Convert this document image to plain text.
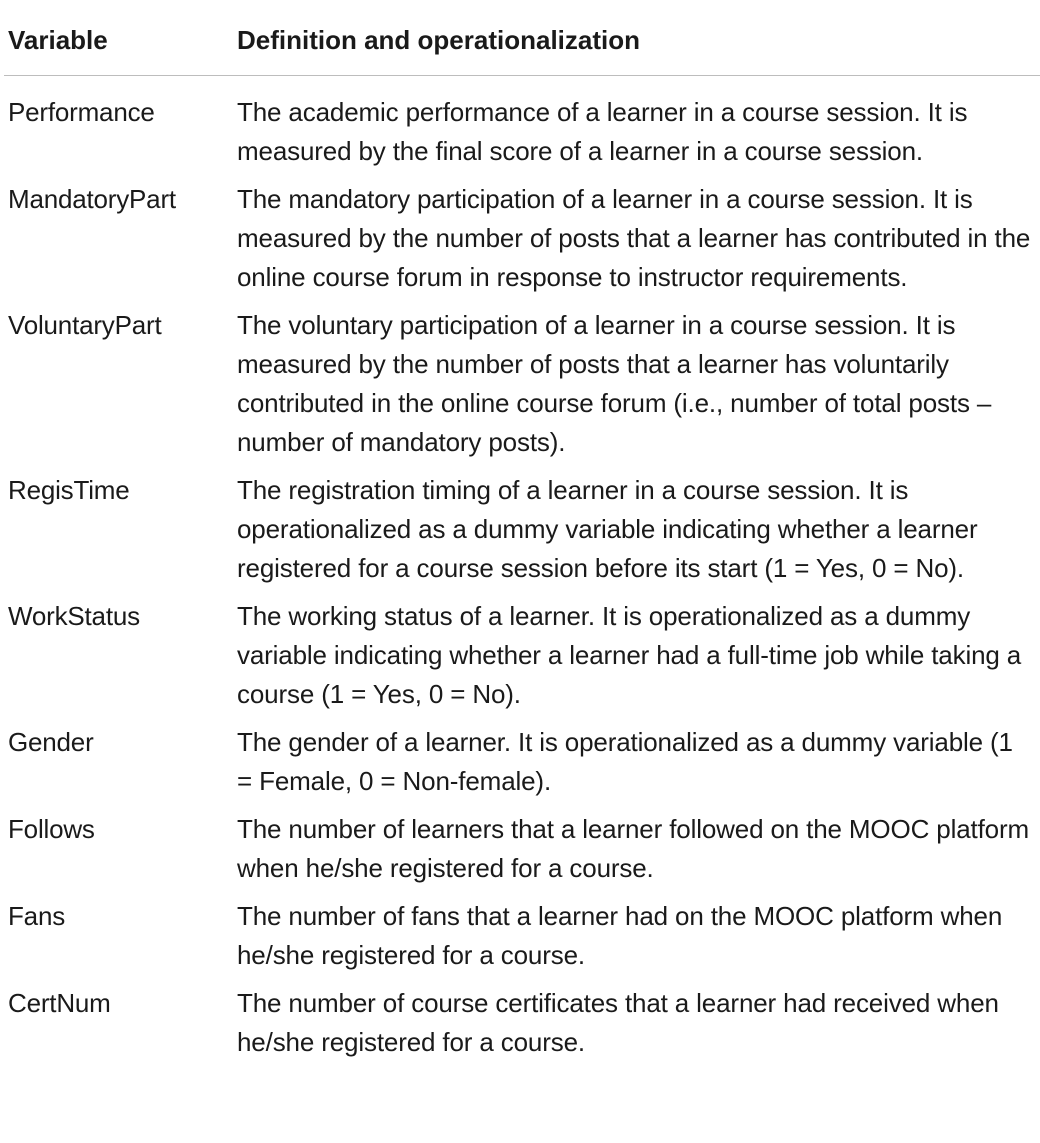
Variable	Definition and operationalization
Performance	The academic performance of a learner in a course session. It is measured by the final score of a learner in a course session.
MandatoryPart	The mandatory participation of a learner in a course session. It is measured by the number of posts that a learner has contributed in the online course forum in response to instructor requirements.
VoluntaryPart	The voluntary participation of a learner in a course session. It is measured by the number of posts that a learner has voluntarily contributed in the online course forum (i.e., number of total posts – number of mandatory posts).
RegisTime	The registration timing of a learner in a course session. It is operationalized as a dummy variable indicating whether a learner registered for a course session before its start (1 = Yes, 0 = No).
WorkStatus	The working status of a learner. It is operationalized as a dummy variable indicating whether a learner had a full-time job while taking a course (1 = Yes, 0 = No).
Gender	The gender of a learner. It is operationalized as a dummy variable (1 = Female, 0 = Non-female).
Follows	The number of learners that a learner followed on the MOOC platform when he/she registered for a course.
Fans	The number of fans that a learner had on the MOOC platform when he/she registered for a course.
CertNum	The number of course certificates that a learner had received when he/she registered for a course.
